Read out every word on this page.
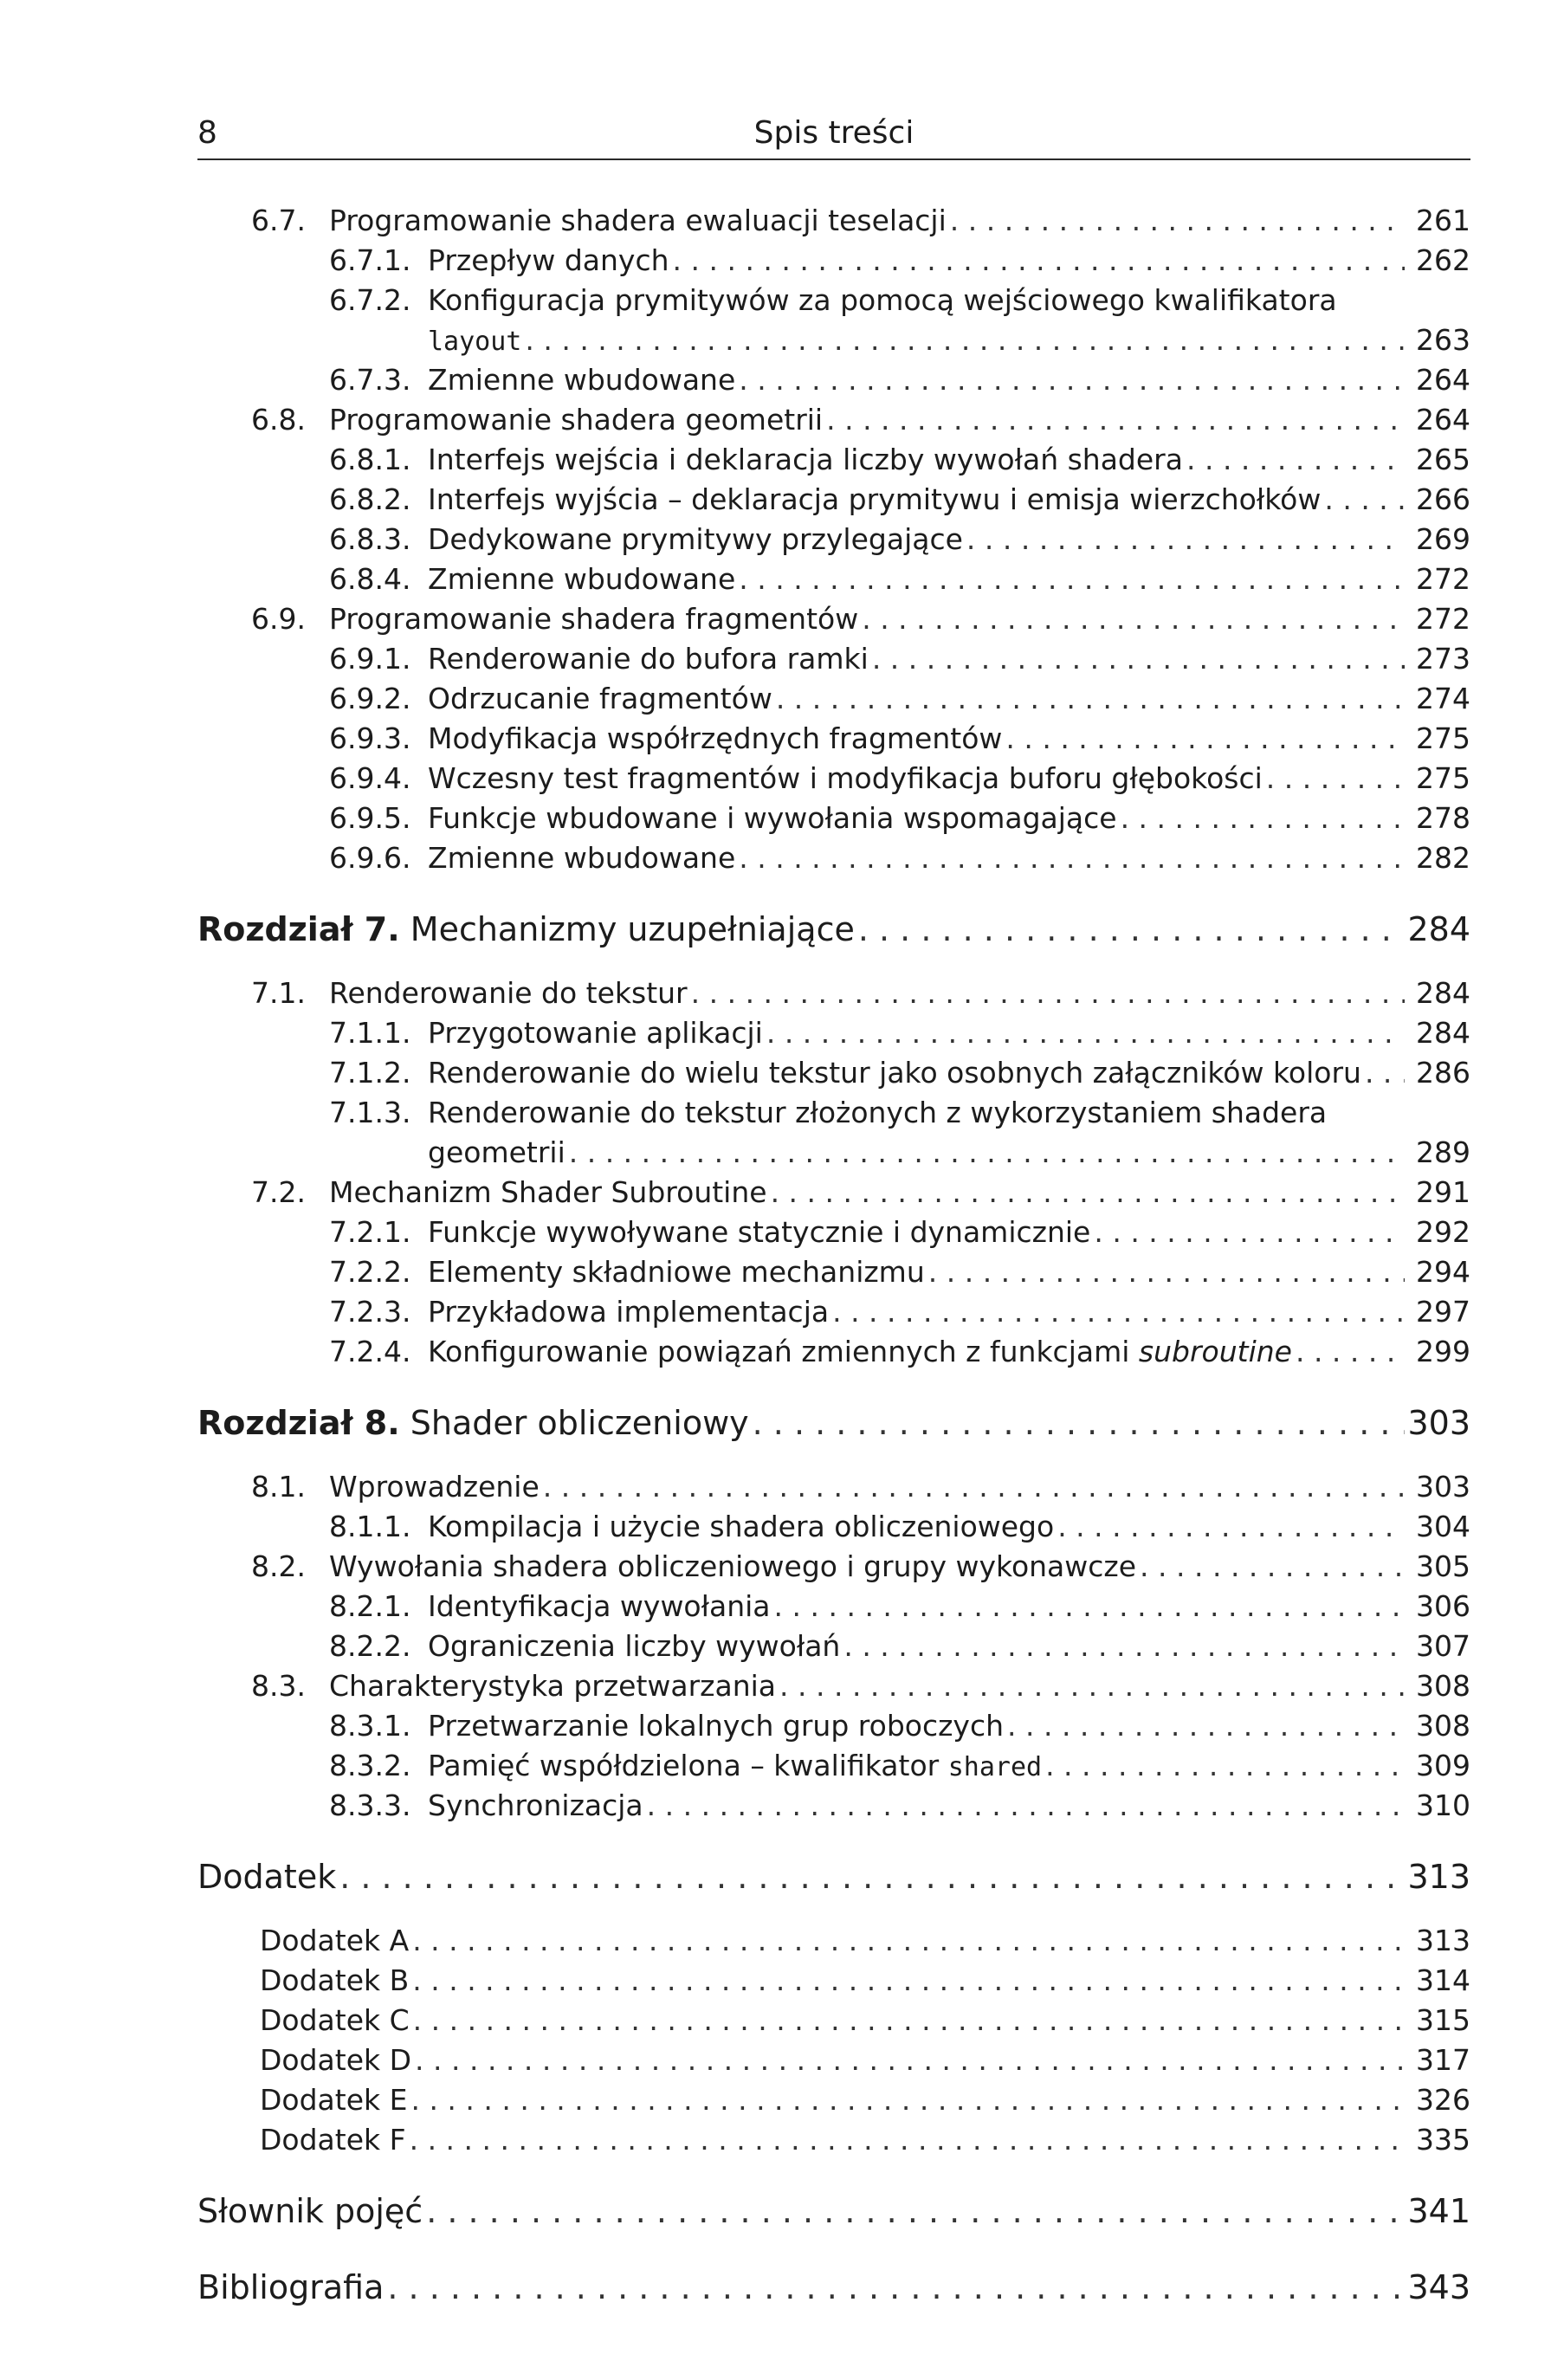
8	Spis treści
6.7. Programowanie shadera ewaluacji teselacji . . .	261
6.7.1. Przepływ danych . . .	262
6.7.2. Konfiguracja prymitywów za pomocą wejściowego kwalifikatora
layout . . .	263
6.7.3. Zmienne wbudowane . . .	264
6.8. Programowanie shadera geometrii . . .	264
6.8.1. Interfejs wejścia i deklaracja liczby wywołań shadera . . .	265
6.8.2. Interfejs wyjścia – deklaracja prymitywu i emisja wierzchołków . . .	266
6.8.3. Dedykowane prymitywy przylegające . . .	269
6.8.4. Zmienne wbudowane . . .	272
6.9. Programowanie shadera fragmentów . . .	272
6.9.1. Renderowanie do bufora ramki . . .	273
6.9.2. Odrzucanie fragmentów . . .	274
6.9.3. Modyfikacja współrzędnych fragmentów . . .	275
6.9.4. Wczesny test fragmentów i modyfikacja buforu głębokości . . .	275
6.9.5. Funkcje wbudowane i wywołania wspomagające . . .	278
6.9.6. Zmienne wbudowane . . .	282
Rozdział 7. Mechanizmy uzupełniające . . .	284
7.1. Renderowanie do tekstur . . .	284
7.1.1. Przygotowanie aplikacji . . .	284
7.1.2. Renderowanie do wielu tekstur jako osobnych załączników koloru . . .	286
7.1.3. Renderowanie do tekstur złożonych z wykorzystaniem shadera
geometrii . . .	289
7.2. Mechanizm Shader Subroutine . . .	291
7.2.1. Funkcje wywoływane statycznie i dynamicznie . . .	292
7.2.2. Elementy składniowe mechanizmu . . .	294
7.2.3. Przykładowa implementacja . . .	297
7.2.4. Konfigurowanie powiązań zmiennych z funkcjami subroutine . . .	299
Rozdział 8. Shader obliczeniowy . . .	303
8.1. Wprowadzenie . . .	303
8.1.1. Kompilacja i użycie shadera obliczeniowego . . .	304
8.2. Wywołania shadera obliczeniowego i grupy wykonawcze . . .	305
8.2.1. Identyfikacja wywołania . . .	306
8.2.2. Ograniczenia liczby wywołań . . .	307
8.3. Charakterystyka przetwarzania . . .	308
8.3.1. Przetwarzanie lokalnych grup roboczych . . .	308
8.3.2. Pamięć współdzielona – kwalifikator shared . . .	309
8.3.3. Synchronizacja . . .	310
Dodatek . . .	313
Dodatek A . . .	313
Dodatek B . . .	314
Dodatek C . . .	315
Dodatek D . . .	317
Dodatek E . . .	326
Dodatek F . . .	335
Słownik pojęć . . .	341
Bibliografia . . .	343
